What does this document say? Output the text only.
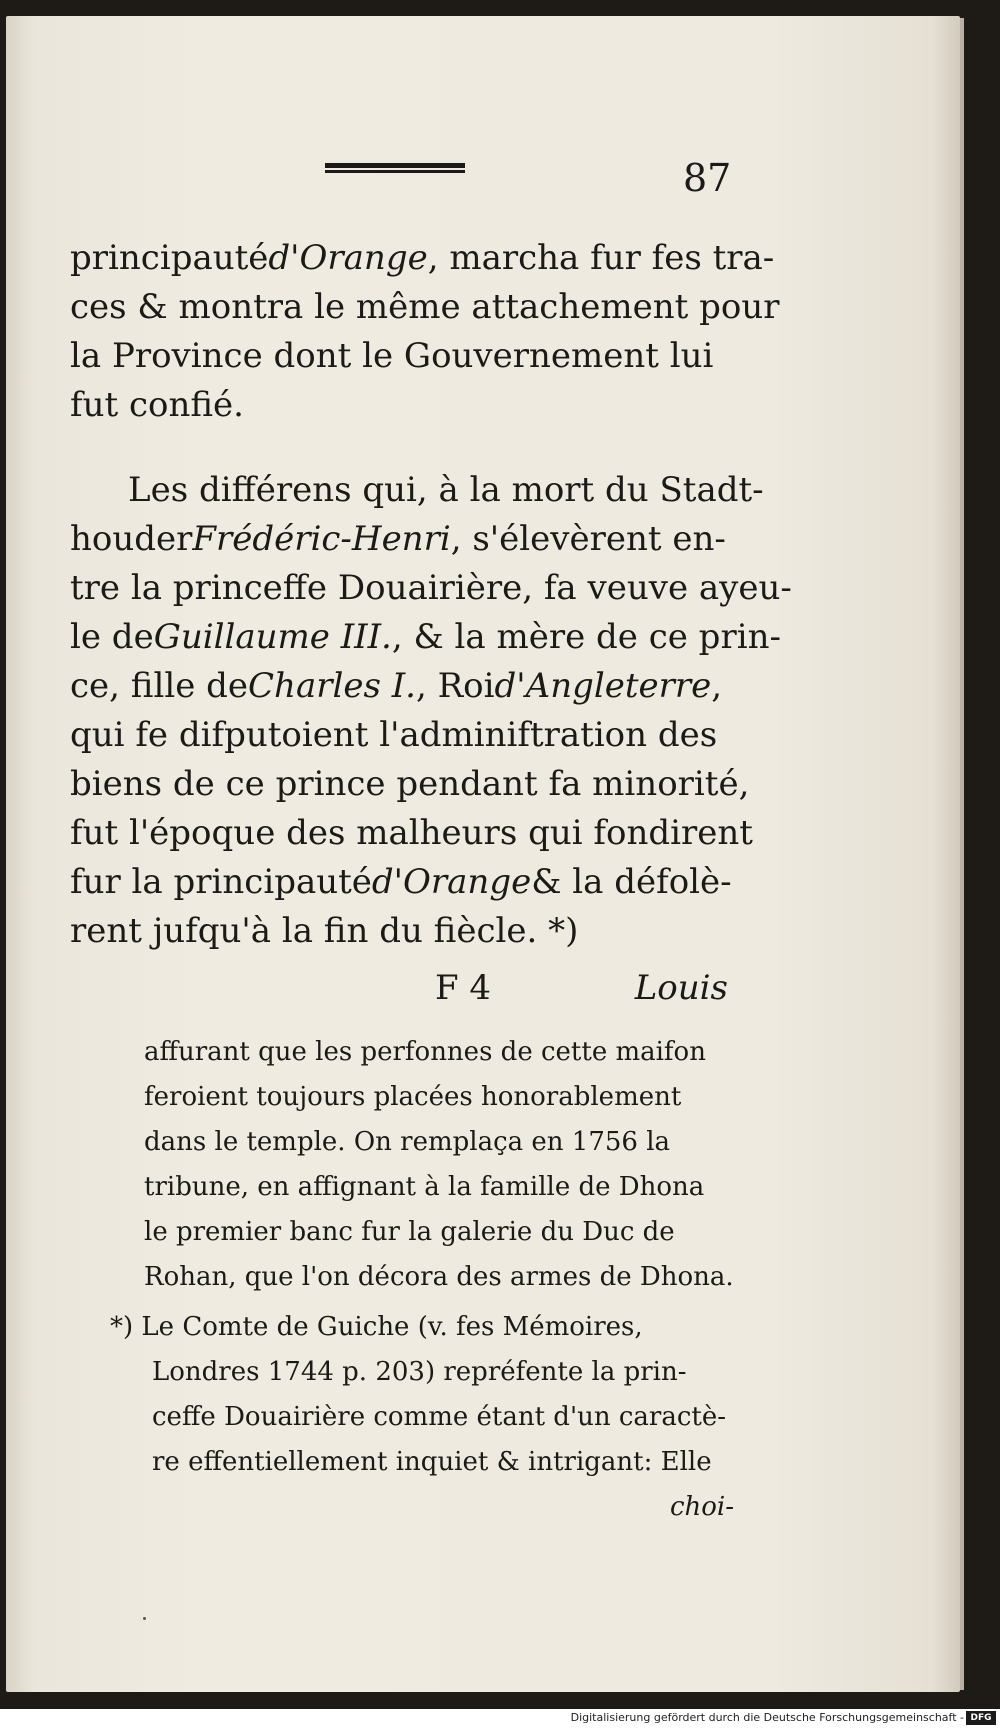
87
principauté d'Orange , marcha fur fes tra-
ces & montra le même attachement pour
la Province dont le Gouvernement lui
fut confié.
Les différens qui, à la mort du Stadt-
houder Frédéric-Henri , s'élevèrent en-
tre la princeffe Douairière, fa veuve ayeu-
le de Guillaume III. , & la mère de ce prin-
ce, fille de Charles I. , Roi d'Angleterre ,
qui fe difputoient l'adminiftration des
biens de ce prince pendant fa minorité,
fut l'époque des malheurs qui fondirent
fur la principauté d'Orange & la défolè-
rent jufqu'à la fin du fiècle. *)
F 4	Louis
affurant que les perfonnes de cette maifon
feroient toujours placées honorablement
dans le temple. On remplaça en 1756 la
tribune, en affignant à la famille de Dhona
le premier banc fur la galerie du Duc de
Rohan, que l'on décora des armes de Dhona.
*) Le Comte de Guiche (v. fes Mémoires,
Londres 1744 p. 203) repréfente la prin-
ceffe Douairière comme étant d'un caractè-
re effentiellement inquiet & intrigant: Elle
choi-
Digitalisierung gefördert durch die Deutsche Forschungsgemeinschaft - DFG
